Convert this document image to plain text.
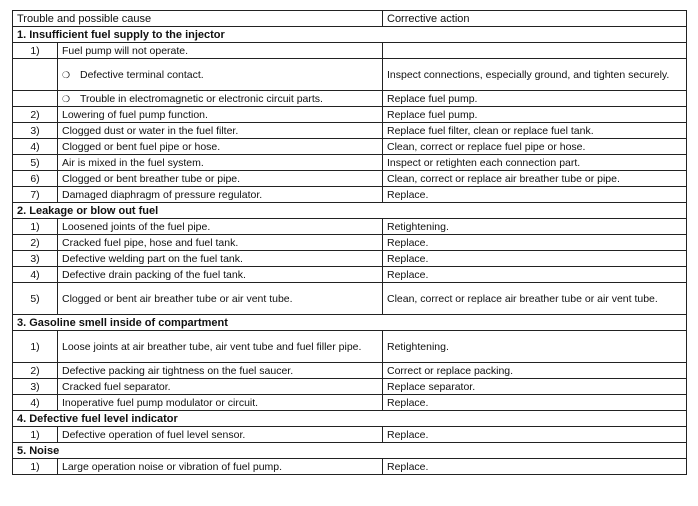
Trouble and possible cause		Corrective action
1. Insufficient fuel supply to the injector		
1)	Fuel pump will not operate.	
	❍ Defective terminal contact.	Inspect connections, especially ground, and tighten securely.
	❍ Trouble in electromagnetic or electronic circuit parts.	Replace fuel pump.
2)	Lowering of fuel pump function.	Replace fuel pump.
3)	Clogged dust or water in the fuel filter.	Replace fuel filter, clean or replace fuel tank.
4)	Clogged or bent fuel pipe or hose.	Clean, correct or replace fuel pipe or hose.
5)	Air is mixed in the fuel system.	Inspect or retighten each connection part.
6)	Clogged or bent breather tube or pipe.	Clean, correct or replace air breather tube or pipe.
7)	Damaged diaphragm of pressure regulator.	Replace.
2. Leakage or blow out fuel		
1)	Loosened joints of the fuel pipe.	Retightening.
2)	Cracked fuel pipe, hose and fuel tank.	Replace.
3)	Defective welding part on the fuel tank.	Replace.
4)	Defective drain packing of the fuel tank.	Replace.
5)	Clogged or bent air breather tube or air vent tube.	Clean, correct or replace air breather tube or air vent tube.
3. Gasoline smell inside of compartment		
1)	Loose joints at air breather tube, air vent tube and fuel filler pipe.	Retightening.
2)	Defective packing air tightness on the fuel saucer.	Correct or replace packing.
3)	Cracked fuel separator.	Replace separator.
4)	Inoperative fuel pump modulator or circuit.	Replace.
4. Defective fuel level indicator		
1)	Defective operation of fuel level sensor.	Replace.
5. Noise		
1)	Large operation noise or vibration of fuel pump.	Replace.
